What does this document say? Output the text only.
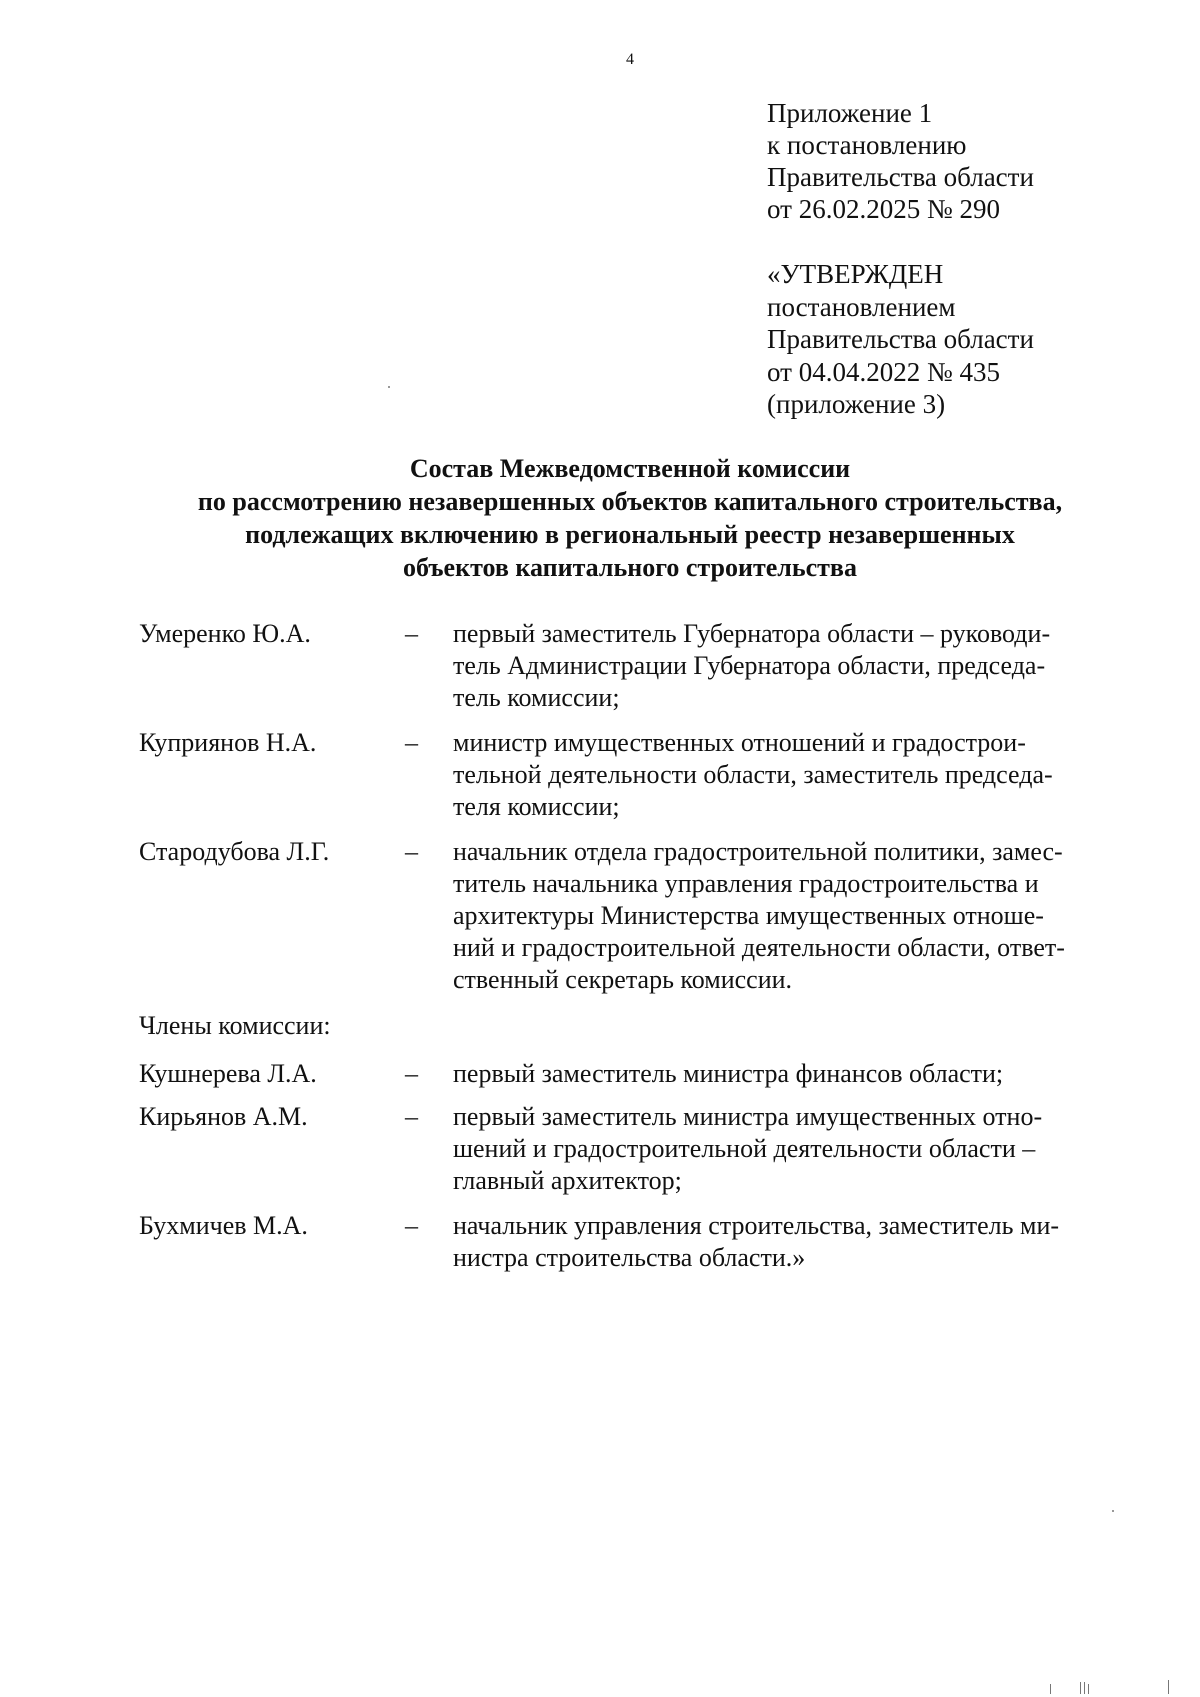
4
Приложение 1
к постановлению
Правительства области
от 26.02.2025 № 290
«УТВЕРЖДЕН
постановлением
Правительства области
от 04.04.2022 № 435
(приложение 3)
Состав Межведомственной комиссии
по рассмотрению незавершенных объектов капитального строительства,
подлежащих включению в региональный реестр незавершенных
объектов капитального строительства
Умеренко Ю.А.	– первый заместитель Губернатора области – руководи-
тель Администрации Губернатора области, председа-
тель комиссии;
Куприянов Н.А.	– министр имущественных отношений и градострои-
тельной деятельности области, заместитель председа-
теля комиссии;
Стародубова Л.Г.	– начальник отдела градостроительной политики, замес-
титель начальника управления градостроительства и
архитектуры Министерства имущественных отноше-
ний и градостроительной деятельности области, ответ-
ственный секретарь комиссии.
Члены комиссии:
Кушнерева Л.А.	– первый заместитель министра финансов области;
Кирьянов А.М.	– первый заместитель министра имущественных отно-
шений и градостроительной деятельности области –
главный архитектор;
Бухмичев М.А.	– начальник управления строительства, заместитель ми-
нистра строительства области.»
